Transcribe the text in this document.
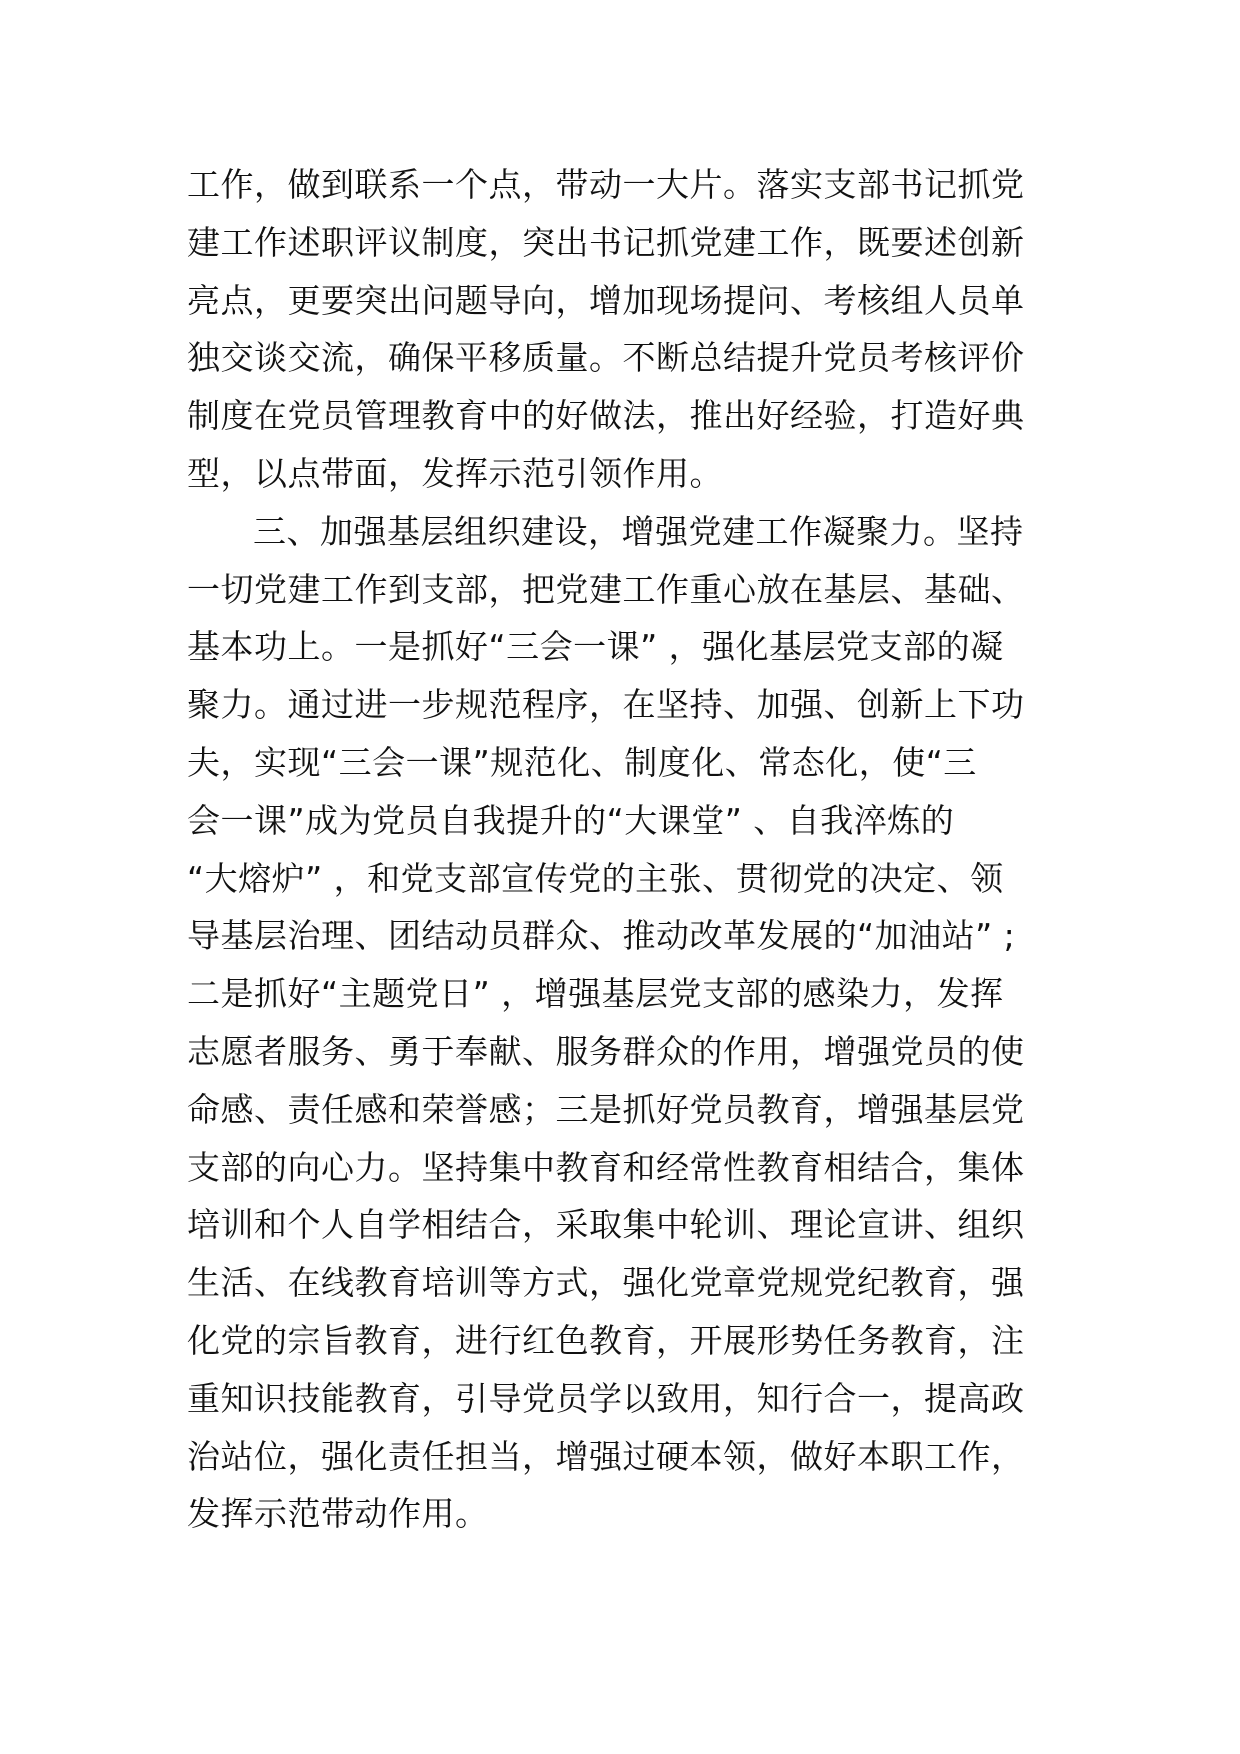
工作，做到联系一个点，带动一大片。落实支部书记抓党
建工作述职评议制度，突出书记抓党建工作，既要述创新
亮点，更要突出问题导向，增加现场提问、考核组人员单
独交谈交流，确保平移质量。不断总结提升党员考核评价
制度在党员管理教育中的好做法，推出好经验，打造好典
型，以点带面，发挥示范引领作用。
三、加强基层组织建设，增强党建工作凝聚力。坚持
一切党建工作到支部，把党建工作重心放在基层、基础、
基本功上。一是抓好“三会一课” ，强化基层党支部的凝
聚力。通过进一步规范程序，在坚持、加强、创新上下功
夫，实现“三会一课”规范化、制度化、常态化，使“三
会一课”成为党员自我提升的“大课堂” 、自我淬炼的
“大熔炉” ，和党支部宣传党的主张、贯彻党的决定、领
导基层治理、团结动员群众、推动改革发展的“加油站” ;
二是抓好“主题党日” ，增强基层党支部的感染力，发挥
志愿者服务、勇于奉献、服务群众的作用，增强党员的使
命感、责任感和荣誉感；三是抓好党员教育，增强基层党
支部的向心力。坚持集中教育和经常性教育相结合，集体
培训和个人自学相结合，采取集中轮训、理论宣讲、组织
生活、在线教育培训等方式，强化党章党规党纪教育，强
化党的宗旨教育，进行红色教育，开展形势任务教育，注
重知识技能教育，引导党员学以致用，知行合一，提高政
治站位，强化责任担当，增强过硬本领，做好本职工作，
发挥示范带动作用。
